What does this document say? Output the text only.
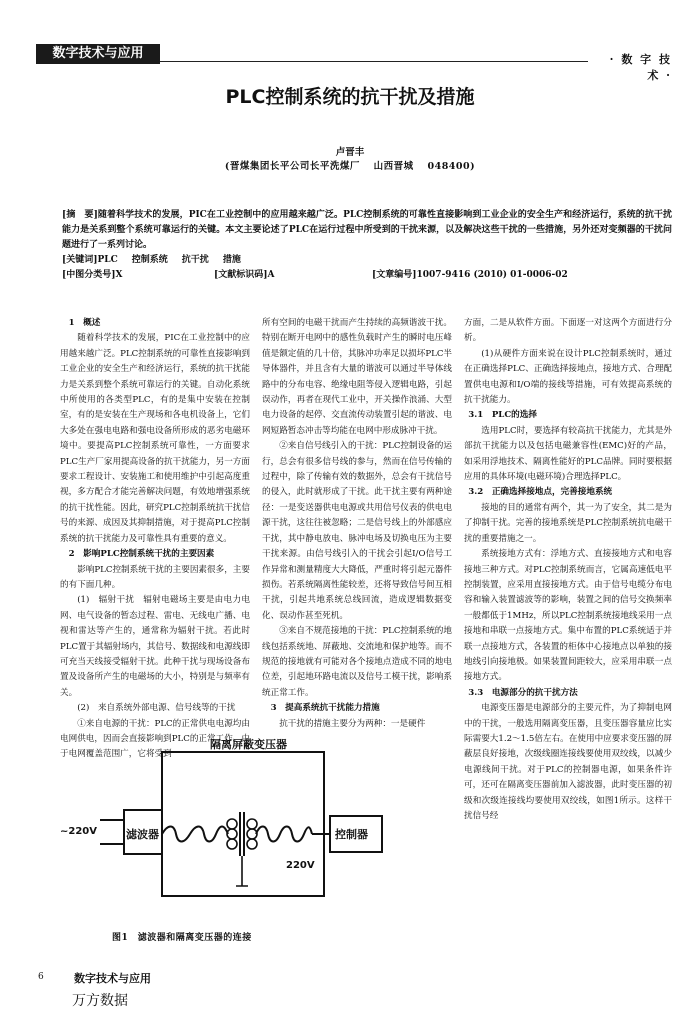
数字技术与应用	· 数 字 技 术 ·
PLC控制系统的抗干扰及措施
卢晋丰
(晋煤集团长平公司长平洗煤厂　 山西晋城　 048400)
[摘　要]随着科学技术的发展，PIC在工业控制中的应用越来越广泛。PLC控制系统的可靠性直接影响到工业企业的安全生产和经济运行，系统的抗干扰能力是关系到整个系统可靠运行的关键。本文主要论述了PLC在运行过程中所受到的干扰来源，以及解决这些干扰的一些措施，另外还对变频器的干扰问题进行了一系列讨论。
[关键词]PLC 控制系统 抗干扰 措施
[中图分类号]X	[文献标识码]A	[文章编号]1007-9416 (2010) 01-0006-02

1　概述

随着科学技术的发展，PIC在工业控制中的应用越来越广泛。PLC控制系统的可靠性直接影响到工业企业的安全生产和经济运行，系统的抗干扰能力是关系到整个系统可靠运行的关键。自动化系统中所使用的各类型PLC，有的是集中安装在控制室，有的是安装在生产现场和各电机设备上，它们大多处在强电电路和强电设备所形成的恶劣电磁环境中。要提高PLC控制系统可靠性，一方面要求PLC生产厂家用提高设备的抗干扰能力，另一方面要求工程设计、安装施工和使用维护中引起高度重视，多方配合才能完善解决问题，有效地增强系统的抗干扰性能。因此，研究PLC控制系统抗干扰信号的来源、成因及其抑制措施，对于提高PLC控制系统的抗干扰能力及可靠性具有重要的意义。

2　影响PLC控制系统干扰的主要因素

影响PLC控制系统干扰的主要因素很多，主要的有下面几种。

(1)　辐射干扰　辐射电磁场主要是由电力电网、电气设备的暂态过程、雷电、无线电广播、电视和雷达等产生的，通常称为辐射干扰。若此时PLC置于其辐射场内，其信号、数据线和电源线即可充当天线接受辐射干扰。此种干扰与现场设备布置及设备所产生的电磁场的大小，特别是与频率有关。

(2)　来自系统外部电源、信号线等的干扰

①来自电源的干扰：PLC的正常供电电源均由电网供电，因而会直接影响到PLC的正常工作。由于电网覆盖范围广，它将受到

所有空间的电磁干扰而产生持续的高频谐波干扰。特别在断开电网中的感性负载时产生的瞬时电压峰值是额定值的几十倍，其脉冲功率足以损坏PLC半导体器件，并且含有大量的谐波可以通过半导体线路中的分布电容、绝缘电阻等侵入逻辑电路，引起误动作，再者在现代工业中，开关操作浪涌、大型电力设备的起停、交直流传动装置引起的谐波、电网短路暂态冲击等均能在电网中形成脉冲干扰。

②来自信号线引入的干扰：PLC控制设备的运行，总会有很多信号线的参与，然而在信号传输的过程中，除了传输有效的数据外，总会有干扰信号的侵入，此时就形成了干扰。此干扰主要有两种途径：一是变送器供电电源或共用信号仪表的供电电源干扰，这往往被忽略；二是信号线上的外部感应干扰，其中静电放电、脉冲电场及切换电压为主要干扰来源。由信号线引入的干扰会引起I/O信号工作异常和测量精度大大降低，严重时将引起元器件损伤。若系统隔离性能较差，还将导致信号间互相干扰，引起共地系统总线回流，造成逻辑数据变化、误动作甚至死机。

③来自不规范接地的干扰：PLC控制系统的地线包括系统地、屏蔽地、交流地和保护地等。而不规范的接地就有可能对各个接地点造成不同的地电位差，引起地环路电流以及信号工模干扰，影响系统正常工作。

3　提高系统抗干扰能力措施

抗干扰的措施主要分为两种：一是硬件

方面，二是从软件方面。下面逐一对这两个方面进行分析。

(1)从硬件方面来说在设计PLC控制系统时，通过在正确选择PLC、正确选择接地点，接地方式、合理配置供电电源和I/O端的接线等措施，可有效提高系统的抗干扰能力。

3.1　PLC的选择

选用PLC时，要选择有较高抗干扰能力，尤其是外部抗干扰能力以及包括电磁兼容性(EMC)好的产品，如采用浮地技术、隔离性能好的PLC品牌。同时要根据应用的具体环境(电磁环境)合理选择PLC。

3.2　正确选择接地点，完善接地系统

接地的目的通常有两个，其一为了安全，其二是为了抑制干扰。完善的接地系统是PLC控制系统抗电磁干扰的重要措施之一。

系统接地方式有：浮地方式、直接接地方式和电容接地三种方式。对PLC控制系统而言，它属高速低电平控制装置，应采用直接接地方式。由于信号电缆分布电容和输入装置滤波等的影响，装置之间的信号交换频率一般都低于1MHz，所以PLC控制系统接地线采用一点接地和串联一点接地方式。集中布置的PLC系统适于并联一点接地方式，各装置的柜体中心接地点以单独的接地线引向接地极。如果装置间距较大，应采用串联一点接地方式。

3.3　电源部分的抗干扰方法

电源变压器是电源部分的主要元件，为了抑制电网中的干扰，一般选用隔离变压器，且变压器容量应比实际需要大1.2～1.5倍左右。在使用中应要求变压器的屏蔽层良好接地，次级线圈连接线要使用双绞线，以减少电源线间干扰。对于PLC的控制器电源，如果条件许可，还可在隔离变压器前加入滤波器，此时变压器的初级和次级连接线均要使用双绞线，如图1所示。这样干扰信号经

隔离屏蔽变压器
~220V	滤波器
220V
控制器
图1　滤波器和隔离变压器的连接
6	数字技术与应用
万方数据
